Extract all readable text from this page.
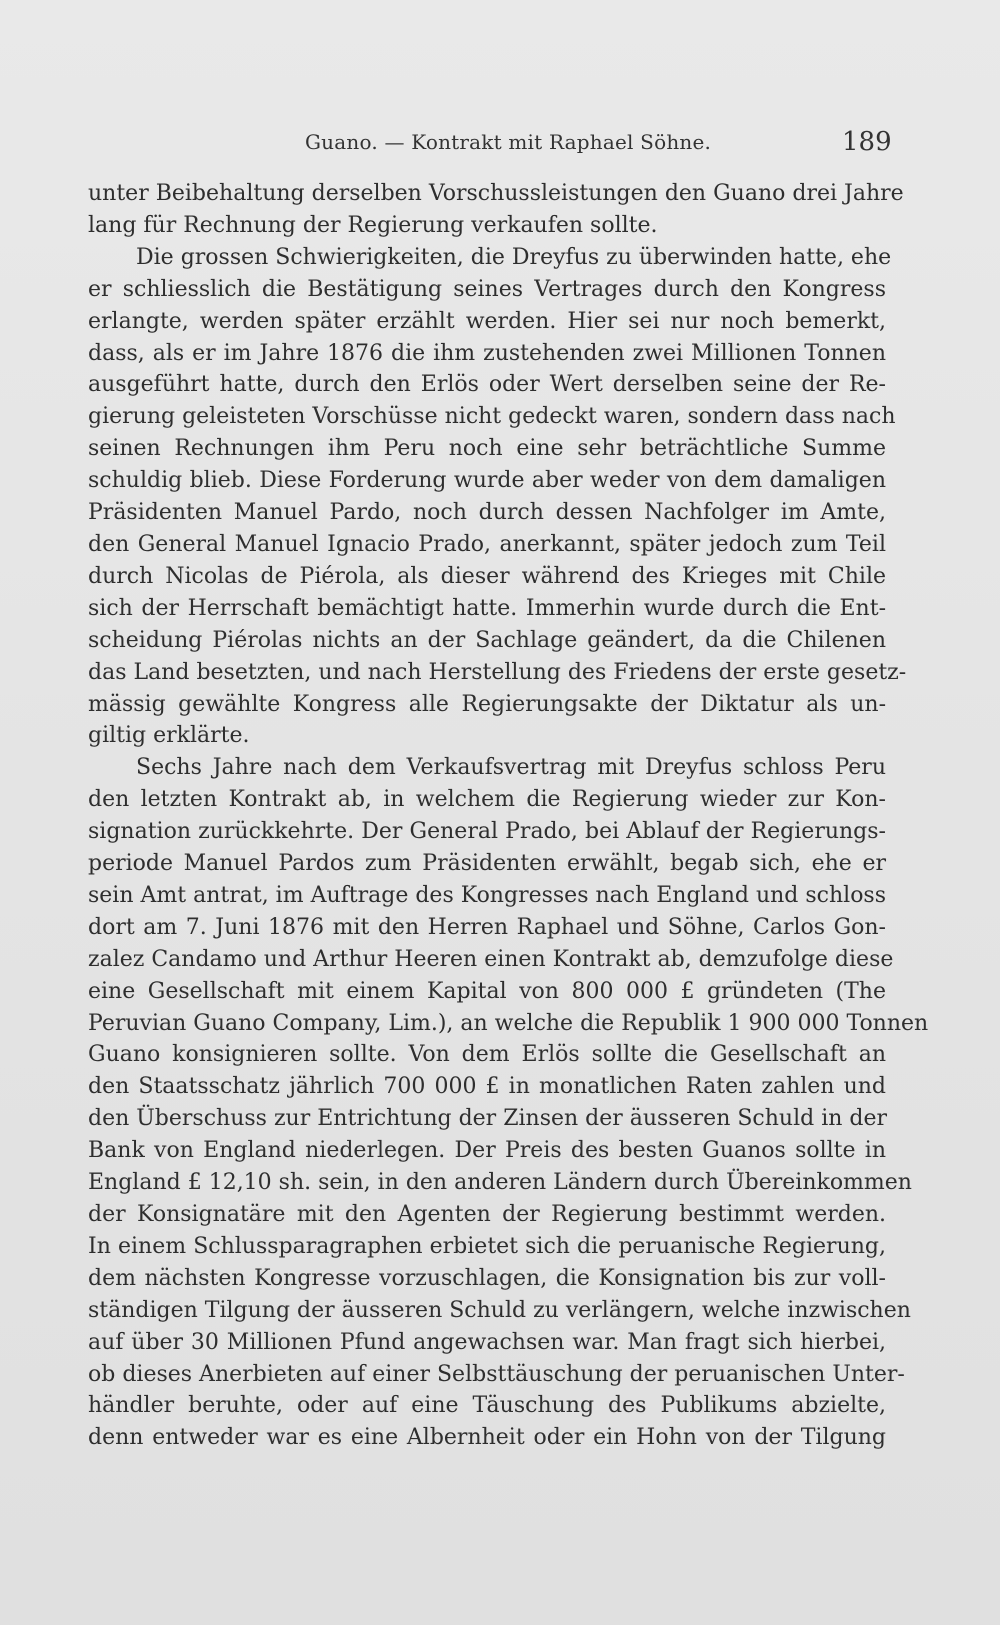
Guano. — Kontrakt mit Raphael Söhne.	189

unter Beibehaltung derselben Vorschussleistungen den Guano drei Jahre
lang für Rechnung der Regierung verkaufen sollte.

Die grossen Schwierigkeiten, die Dreyfus zu überwinden hatte, ehe
er schliesslich die Bestätigung seines Vertrages durch den Kongress
erlangte, werden später erzählt werden. Hier sei nur noch bemerkt,
dass, als er im Jahre 1876 die ihm zustehenden zwei Millionen Tonnen
ausgeführt hatte, durch den Erlös oder Wert derselben seine der Re-
gierung geleisteten Vorschüsse nicht gedeckt waren, sondern dass nach
seinen Rechnungen ihm Peru noch eine sehr beträchtliche Summe
schuldig blieb. Diese Forderung wurde aber weder von dem damaligen
Präsidenten Manuel Pardo, noch durch dessen Nachfolger im Amte,
den General Manuel Ignacio Prado, anerkannt, später jedoch zum Teil
durch Nicolas de Piérola, als dieser während des Krieges mit Chile
sich der Herrschaft bemächtigt hatte. Immerhin wurde durch die Ent-
scheidung Piérolas nichts an der Sachlage geändert, da die Chilenen
das Land besetzten, und nach Herstellung des Friedens der erste gesetz-
mässig gewählte Kongress alle Regierungsakte der Diktatur als un-
giltig erklärte.

Sechs Jahre nach dem Verkaufsvertrag mit Dreyfus schloss Peru
den letzten Kontrakt ab, in welchem die Regierung wieder zur Kon-
signation zurückkehrte. Der General Prado, bei Ablauf der Regierungs-
periode Manuel Pardos zum Präsidenten erwählt, begab sich, ehe er
sein Amt antrat, im Auftrage des Kongresses nach England und schloss
dort am 7. Juni 1876 mit den Herren Raphael und Söhne, Carlos Gon-
zalez Candamo und Arthur Heeren einen Kontrakt ab, demzufolge diese
eine Gesellschaft mit einem Kapital von 800 000 £ gründeten (The
Peruvian Guano Company, Lim.), an welche die Republik 1 900 000 Tonnen
Guano konsignieren sollte. Von dem Erlös sollte die Gesellschaft an
den Staatsschatz jährlich 700 000 £ in monatlichen Raten zahlen und
den Überschuss zur Entrichtung der Zinsen der äusseren Schuld in der
Bank von England niederlegen. Der Preis des besten Guanos sollte in
England £ 12,10 sh. sein, in den anderen Ländern durch Übereinkommen
der Konsignatäre mit den Agenten der Regierung bestimmt werden.
In einem Schlussparagraphen erbietet sich die peruanische Regierung,
dem nächsten Kongresse vorzuschlagen, die Konsignation bis zur voll-
ständigen Tilgung der äusseren Schuld zu verlängern, welche inzwischen
auf über 30 Millionen Pfund angewachsen war. Man fragt sich hierbei,
ob dieses Anerbieten auf einer Selbsttäuschung der peruanischen Unter-
händler beruhte, oder auf eine Täuschung des Publikums abzielte,
denn entweder war es eine Albernheit oder ein Hohn von der Tilgung
